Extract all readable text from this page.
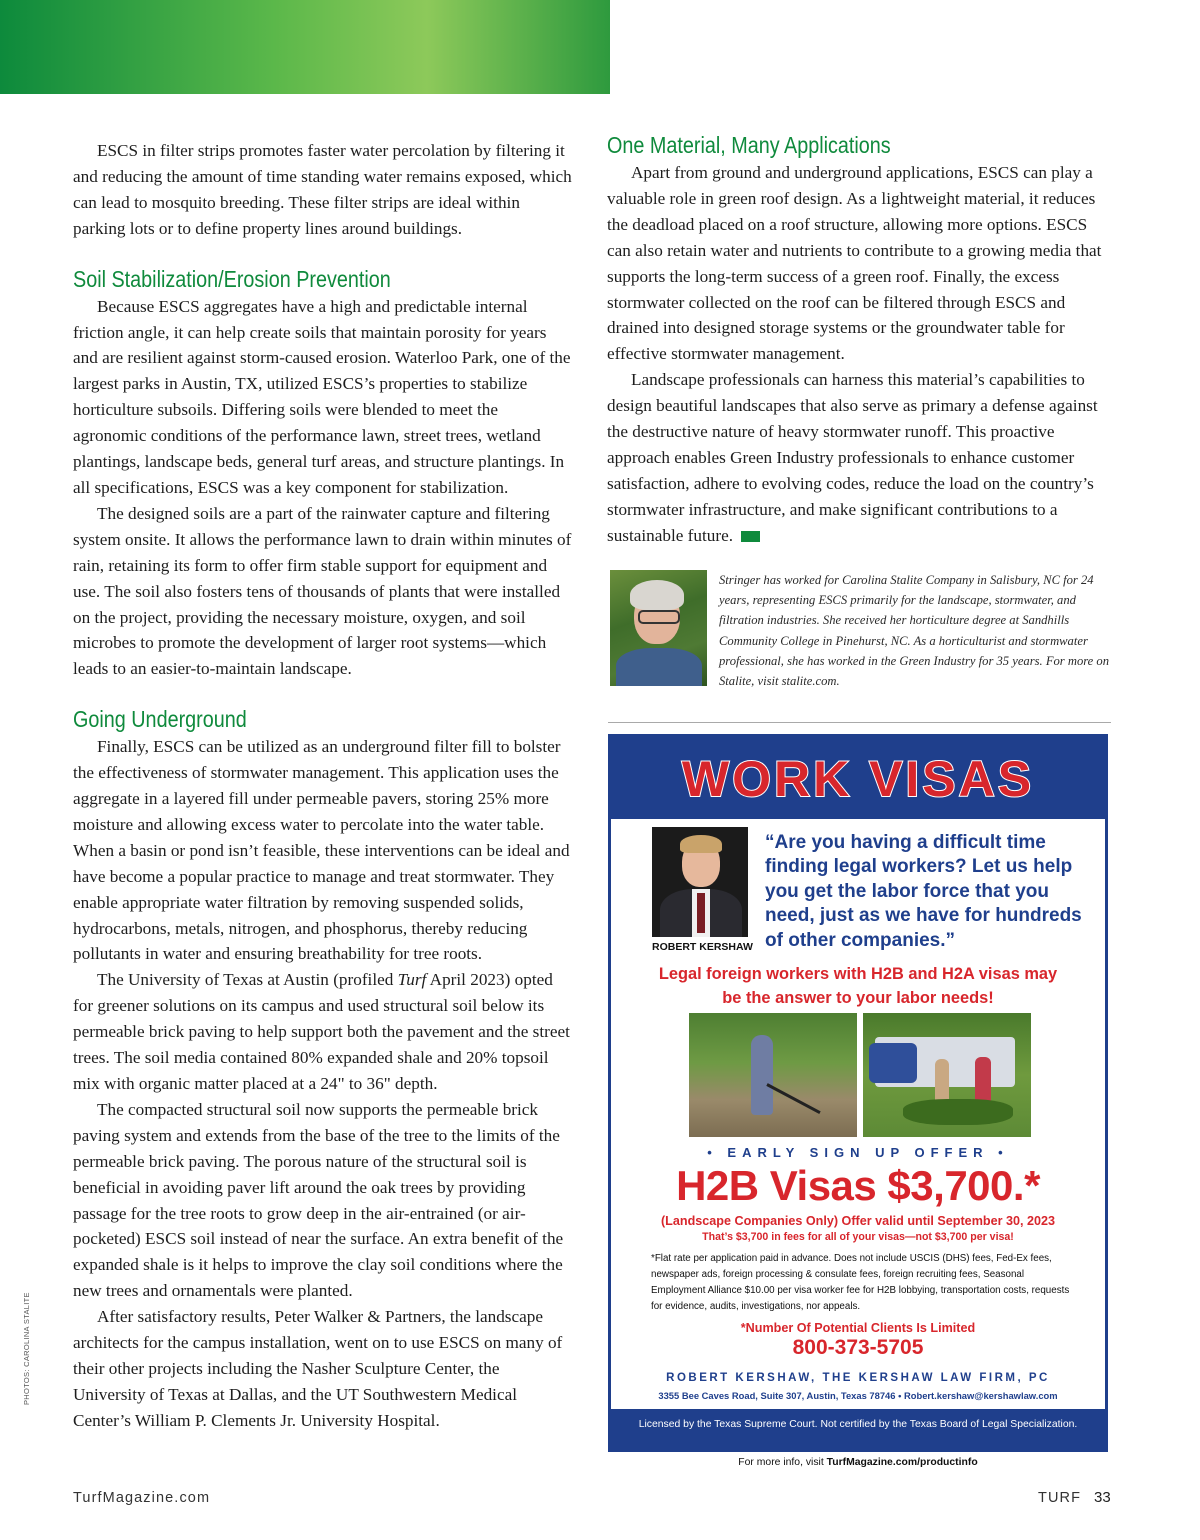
ESCS in filter strips promotes faster water percolation by filtering it and reducing the amount of time standing water remains exposed, which can lead to mosquito breeding. These filter strips are ideal within parking lots or to define property lines around buildings.

Soil Stabilization/Erosion Prevention

Because ESCS aggregates have a high and predictable internal friction angle, it can help create soils that maintain porosity for years and are resilient against storm-caused erosion. Waterloo Park, one of the largest parks in Austin, TX, utilized ESCS’s properties to stabilize horticulture subsoils. Differing soils were blended to meet the agronomic conditions of the performance lawn, street trees, wetland plantings, landscape beds, general turf areas, and structure plantings. In all specifications, ESCS was a key component for stabilization.

The designed soils are a part of the rainwater capture and filtering system onsite. It allows the performance lawn to drain within minutes of rain, retaining its form to offer firm stable support for equipment and use. The soil also fosters tens of thousands of plants that were installed on the project, providing the necessary moisture, oxygen, and soil microbes to promote the development of larger root systems—which leads to an easier-to-maintain landscape.

Going Underground

Finally, ESCS can be utilized as an underground filter fill to bolster the effectiveness of stormwater management. This application uses the aggregate in a layered fill under permeable pavers, storing 25% more moisture and allowing excess water to percolate into the water table. When a basin or pond isn’t feasible, these interventions can be ideal and have become a popular practice to manage and treat stormwater. They enable appropriate water filtration by removing suspended solids, hydrocarbons, metals, nitrogen, and phosphorus, thereby reducing pollutants in water and ensuring breathability for tree roots.

The University of Texas at Austin (profiled Turf April 2023) opted for greener solutions on its campus and used structural soil below its permeable brick paving to help support both the pavement and the street trees. The soil media contained 80% expanded shale and 20% topsoil mix with organic matter placed at a 24" to 36" depth.

The compacted structural soil now supports the permeable brick paving system and extends from the base of the tree to the limits of the permeable brick paving. The porous nature of the structural soil is beneficial in avoiding paver lift around the oak trees by providing passage for the tree roots to grow deep in the air-entrained (or air-pocketed) ESCS soil instead of near the surface. An extra benefit of the expanded shale is it helps to improve the clay soil conditions where the new trees and ornamentals were planted.

After satisfactory results, Peter Walker & Partners, the landscape architects for the campus installation, went on to use ESCS on many of their other projects including the Nasher Sculpture Center, the University of Texas at Dallas, and the UT Southwestern Medical Center’s William P. Clements Jr. University Hospital.

One Material, Many Applications

Apart from ground and underground applications, ESCS can play a valuable role in green roof design. As a lightweight material, it reduces the deadload placed on a roof structure, allowing more options. ESCS can also retain water and nutrients to contribute to a growing media that supports the long-term success of a green roof. Finally, the excess stormwater collected on the roof can be filtered through ESCS and drained into designed storage systems or the groundwater table for effective stormwater management.

Landscape professionals can harness this material’s capabilities to design beautiful landscapes that also serve as primary a defense against the destructive nature of heavy stormwater runoff. This proactive approach enables Green Industry professionals to enhance customer satisfaction, adhere to evolving codes, reduce the load on the country’s stormwater infrastructure, and make significant contributions to a sustainable future.

Stringer has worked for Carolina Stalite Company in Salisbury, NC for 24 years, representing ESCS primarily for the landscape, stormwater, and filtration industries. She received her horticulture degree at Sandhills Community College in Pinehurst, NC. As a horticulturist and stormwater professional, she has worked in the Green Industry for 35 years. For more on Stalite, visit stalite.com.
WORK VISAS
ROBERT KERSHAW
“Are you having a difficult time finding legal workers? Let us help you get the labor force that you need, just as we have for hundreds of other companies.”
Legal foreign workers with H2B and H2A visas may
be the answer to your labor needs!
• EARLY SIGN UP OFFER •
H2B Visas $3,700.*
(Landscape Companies Only) Offer valid until September 30, 2023
That’s $3,700 in fees for all of your visas—not $3,700 per visa!
*Flat rate per application paid in advance. Does not include USCIS (DHS) fees, Fed-Ex fees, newspaper ads, foreign processing & consulate fees, foreign recruiting fees, Seasonal Employment Alliance $10.00 per visa worker fee for H2B lobbying, transportation costs, requests for evidence, audits, investigations, nor appeals.
*Number Of Potential Clients Is Limited
800-373-5705
ROBERT KERSHAW, THE KERSHAW LAW FIRM, PC
3355 Bee Caves Road, Suite 307, Austin, Texas 78746 • Robert.kershaw@kershawlaw.com
Licensed by the Texas Supreme Court. Not certified by the Texas Board of Legal Specialization.
For more info, visit TurfMagazine.com/productinfo
PHOTOS: CAROLINA STALITE
TurfMagazine.com	TURF 33
